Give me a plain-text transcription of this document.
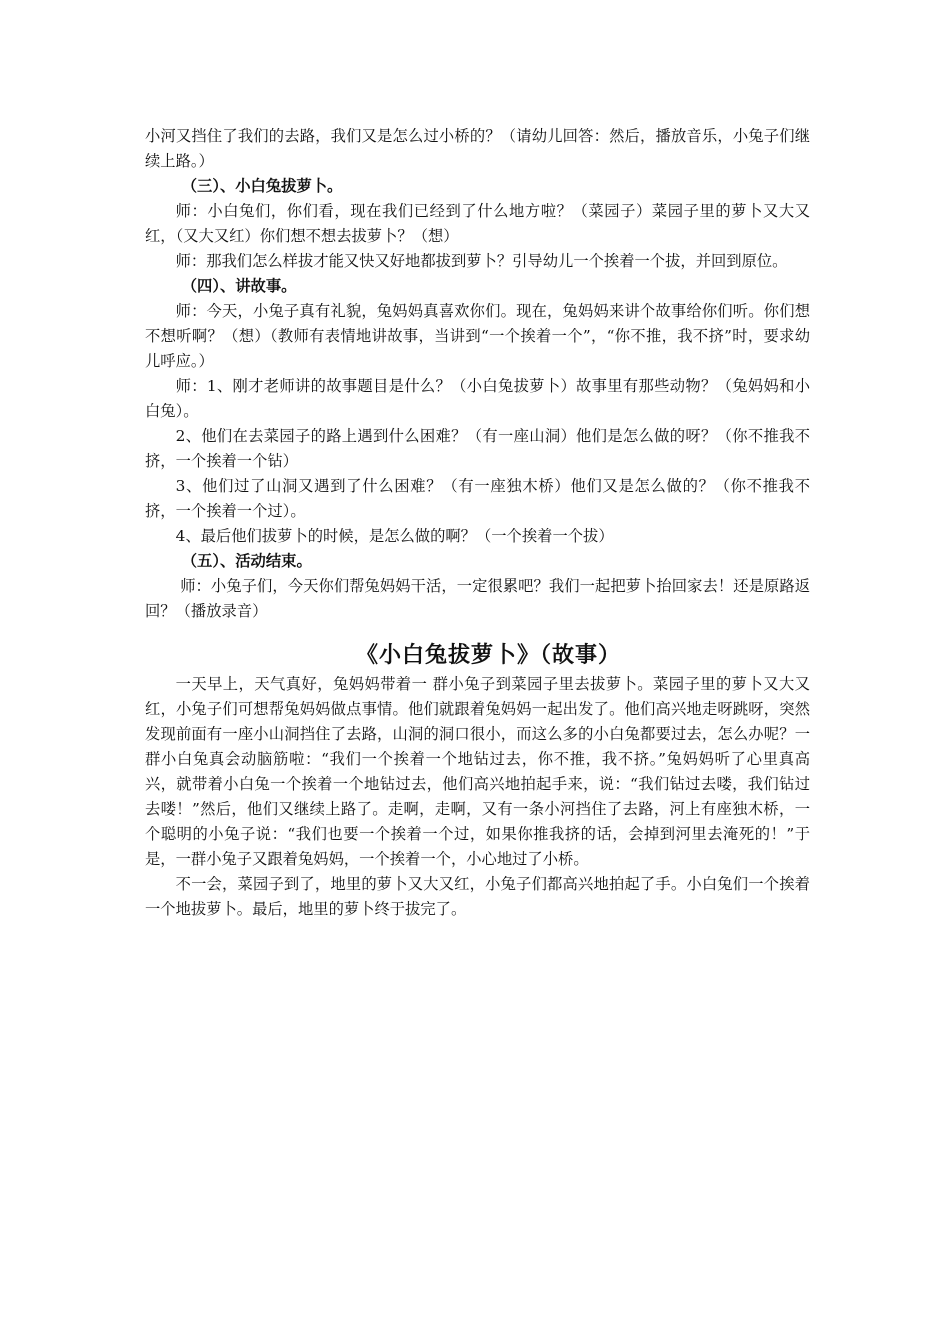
小河又挡住了我们的去路，我们又是怎么过小桥的？（请幼儿回答：然后，播放音乐，小兔子们继续上路。）

（三）、小白兔拔萝卜。

师：小白兔们，你们看，现在我们已经到了什么地方啦？（菜园子）菜园子里的萝卜又大又红，（又大又红）你们想不想去拔萝卜？（想）

师：那我们怎么样拔才能又快又好地都拔到萝卜？引导幼儿一个挨着一个拔，并回到原位。

（四）、讲故事。

师：今天，小兔子真有礼貌，兔妈妈真喜欢你们。现在，兔妈妈来讲个故事给你们听。你们想不想听啊？（想）（教师有表情地讲故事，当讲到“一个挨着一个”，“你不推，我不挤”时，要求幼儿呼应。）

师：1、刚才老师讲的故事题目是什么？（小白兔拔萝卜）故事里有那些动物？（兔妈妈和小白兔）。

2、他们在去菜园子的路上遇到什么困难？（有一座山洞）他们是怎么做的呀？（你不推我不挤，一个挨着一个钻）

3、他们过了山洞又遇到了什么困难？（有一座独木桥）他们又是怎么做的？（你不推我不挤，一个挨着一个过）。

4、最后他们拔萝卜的时候，是怎么做的啊？（一个挨着一个拔）

（五）、活动结束。

师：小兔子们，今天你们帮兔妈妈干活，一定很累吧？我们一起把萝卜抬回家去！还是原路返回？（播放录音）

《小白兔拔萝卜》（故事）

一天早上，天气真好，兔妈妈带着一 群小兔子到菜园子里去拔萝卜。菜园子里的萝卜又大又红，小兔子们可想帮兔妈妈做点事情。他们就跟着兔妈妈一起出发了。他们高兴地走呀跳呀，突然发现前面有一座小山洞挡住了去路，山洞的洞口很小，而这么多的小白兔都要过去，怎么办呢？一群小白兔真会动脑筋啦：“我们一个挨着一个地钻过去，你不推，我不挤。”兔妈妈听了心里真高兴，就带着小白兔一个挨着一个地钻过去，他们高兴地拍起手来，说：“我们钻过去喽，我们钻过去喽！”然后，他们又继续上路了。走啊，走啊，又有一条小河挡住了去路，河上有座独木桥，一个聪明的小兔子说：“我们也要一个挨着一个过，如果你推我挤的话，会掉到河里去淹死的！”于是，一群小兔子又跟着兔妈妈，一个挨着一个，小心地过了小桥。

不一会，菜园子到了，地里的萝卜又大又红，小兔子们都高兴地拍起了手。小白兔们一个挨着一个地拔萝卜。最后，地里的萝卜终于拔完了。
